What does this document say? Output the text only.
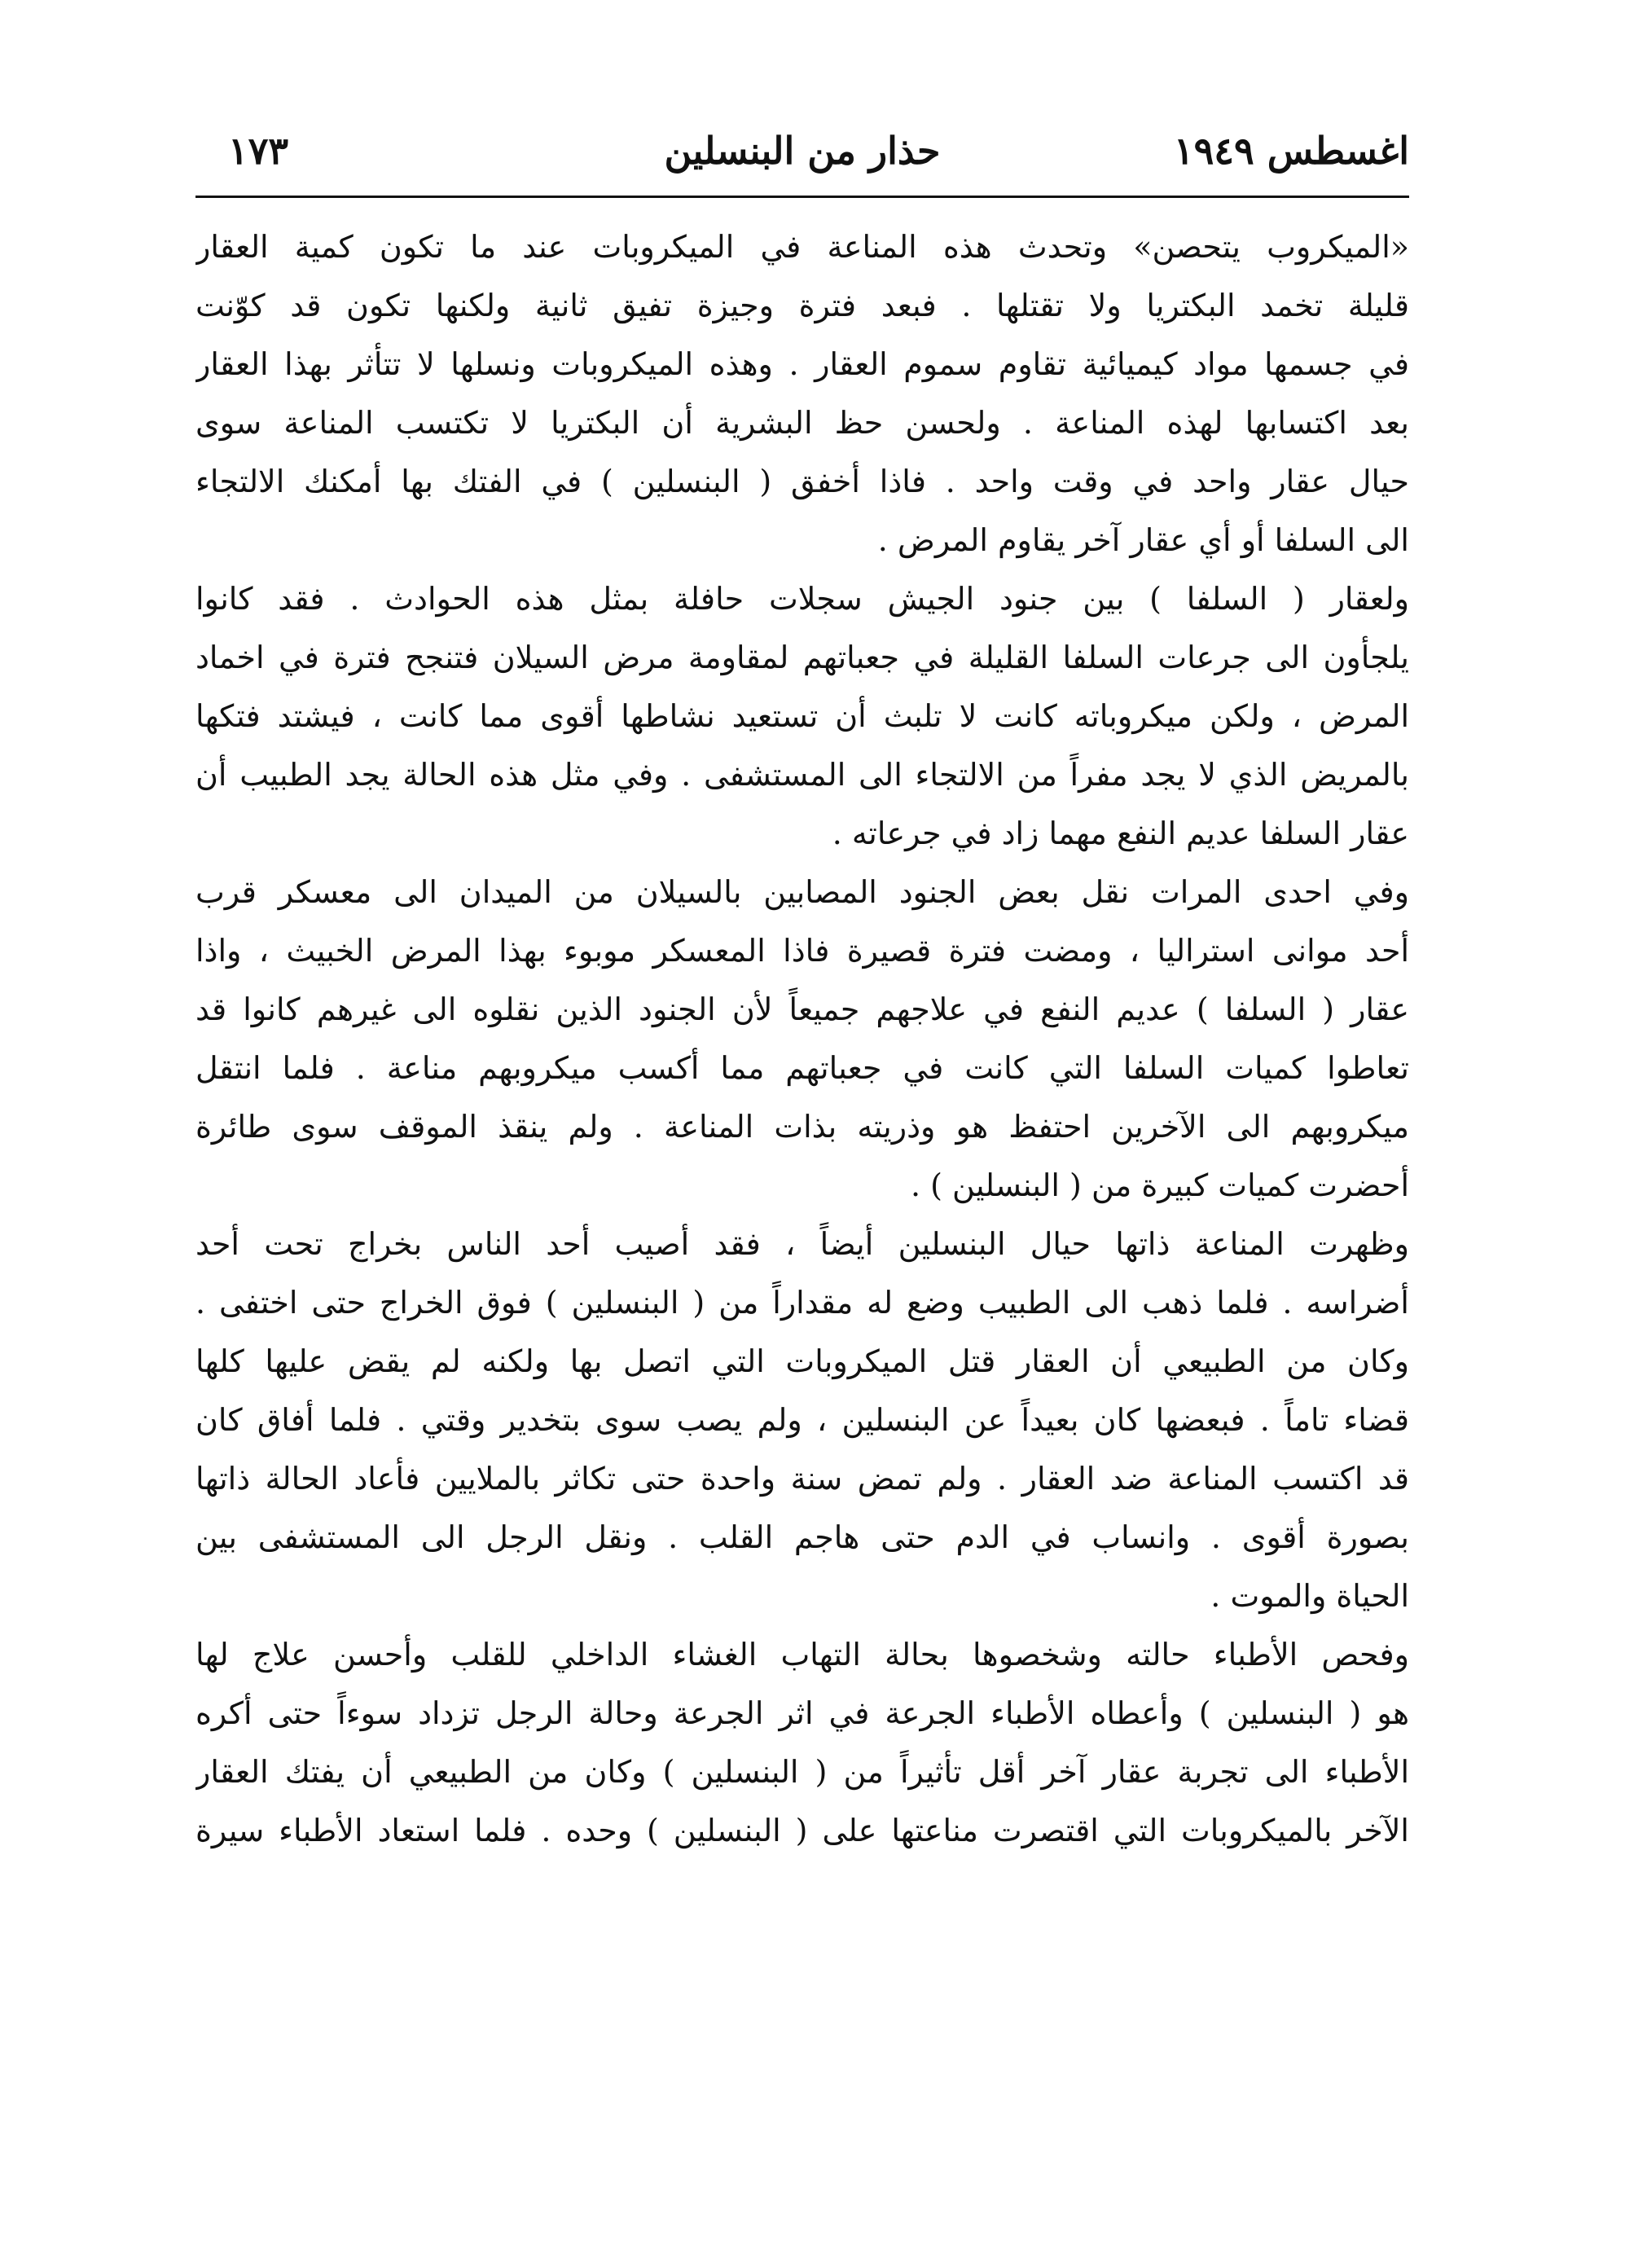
اغسطس ١٩٤٩
حذار من البنسلين
١٧٣
«الميكروب يتحصن» وتحدث هذه المناعة في الميكروبات عند ما تكون كمية العقار
قليلة تخمد البكتريا ولا تقتلها . فبعد فترة وجيزة تفيق ثانية ولكنها تكون قد كوّنت
في جسمها مواد كيميائية تقاوم سموم العقار . وهذه الميكروبات ونسلها لا تتأثر بهذا العقار
بعد اكتسابها لهذه المناعة . ولحسن حظ البشرية أن البكتريا لا تكتسب المناعة سوى
حيال عقار واحد في وقت واحد . فاذا أخفق ( البنسلين ) في الفتك بها أمكنك الالتجاء
الى السلفا أو أي عقار آخر يقاوم المرض .
ولعقار ( السلفا ) بين جنود الجيش سجلات حافلة بمثل هذه الحوادث . فقد كانوا
يلجأون الى جرعات السلفا القليلة في جعباتهم لمقاومة مرض السيلان فتنجح فترة في اخماد
المرض ، ولكن ميكروباته كانت لا تلبث أن تستعيد نشاطها أقوى مما كانت ، فيشتد فتكها
بالمريض الذي لا يجد مفراً من الالتجاء الى المستشفى . وفي مثل هذه الحالة يجد الطبيب أن
عقار السلفا عديم النفع مهما زاد في جرعاته .
وفي احدى المرات نقل بعض الجنود المصابين بالسيلان من الميدان الى معسكر قرب
أحد موانى استراليا ، ومضت فترة قصيرة فاذا المعسكر موبوء بهذا المرض الخبيث ، واذا
عقار ( السلفا ) عديم النفع في علاجهم جميعاً لأن الجنود الذين نقلوه الى غيرهم كانوا قد
تعاطوا كميات السلفا التي كانت في جعباتهم مما أكسب ميكروبهم مناعة . فلما انتقل
ميكروبهم الى الآخرين احتفظ هو وذريته بذات المناعة . ولم ينقذ الموقف سوى طائرة
أحضرت كميات كبيرة من ( البنسلين ) .
وظهرت المناعة ذاتها حيال البنسلين أيضاً ، فقد أصيب أحد الناس بخراج تحت أحد
أضراسه . فلما ذهب الى الطبيب وضع له مقداراً من ( البنسلين ) فوق الخراج حتى اختفى .
وكان من الطبيعي أن العقار قتل الميكروبات التي اتصل بها ولكنه لم يقض عليها كلها
قضاء تاماً . فبعضها كان بعيداً عن البنسلين ، ولم يصب سوى بتخدير وقتي . فلما أفاق كان
قد اكتسب المناعة ضد العقار . ولم تمض سنة واحدة حتى تكاثر بالملايين فأعاد الحالة ذاتها
بصورة أقوى . وانساب في الدم حتى هاجم القلب . ونقل الرجل الى المستشفى بين
الحياة والموت .
وفحص الأطباء حالته وشخصوها بحالة التهاب الغشاء الداخلي للقلب وأحسن علاج لها
هو ( البنسلين ) وأعطاه الأطباء الجرعة في اثر الجرعة وحالة الرجل تزداد سوءاً حتى أكره
الأطباء الى تجربة عقار آخر أقل تأثيراً من ( البنسلين ) وكان من الطبيعي أن يفتك العقار
الآخر بالميكروبات التي اقتصرت مناعتها على ( البنسلين ) وحده . فلما استعاد الأطباء سيرة
